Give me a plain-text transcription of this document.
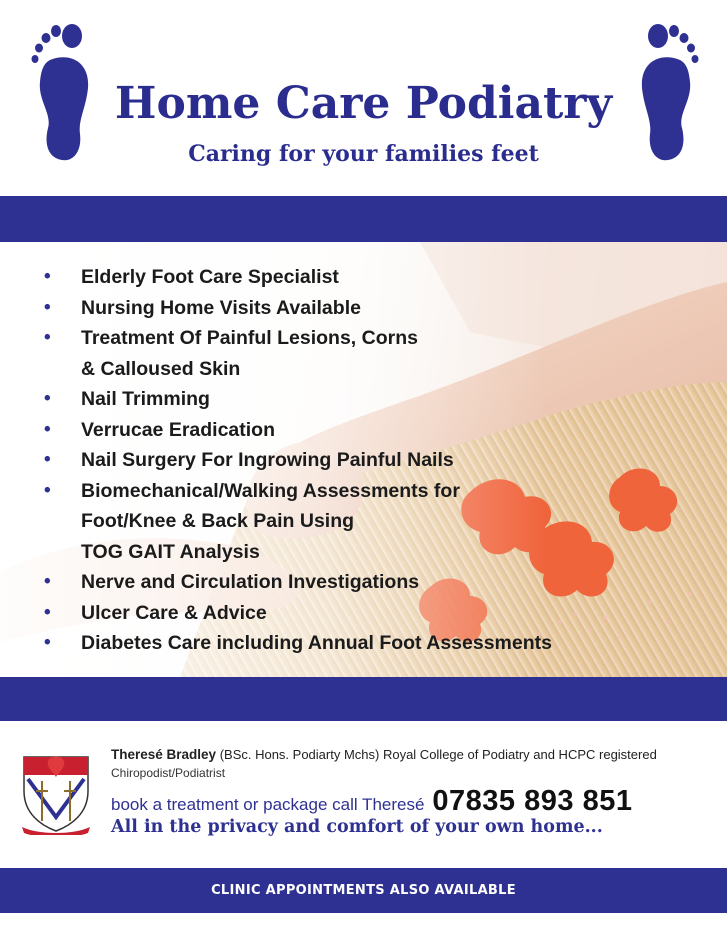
Home Care Podiatry
Caring for your families feet
• Elderly Foot Care Specialist
• Nursing Home Visits Available
• Treatment Of Painful Lesions, Corns
& Calloused Skin
• Nail Trimming
• Verrucae Eradication
• Nail Surgery For Ingrowing Painful Nails
• Biomechanical/Walking Assessments for
Foot/Knee & Back Pain Using
TOG GAIT Analysis
• Nerve and Circulation Investigations
• Ulcer Care & Advice
• Diabetes Care including Annual Foot Assessments
Theresé Bradley (BSc. Hons. Podiarty Mchs) Royal College of Podiatry and HCPC registered
Chiropodist/Podiatrist
book a treatment or package call Theresé 07835 893 851
All in the privacy and comfort of your own home...
CLINIC APPOINTMENTS ALSO AVAILABLE
